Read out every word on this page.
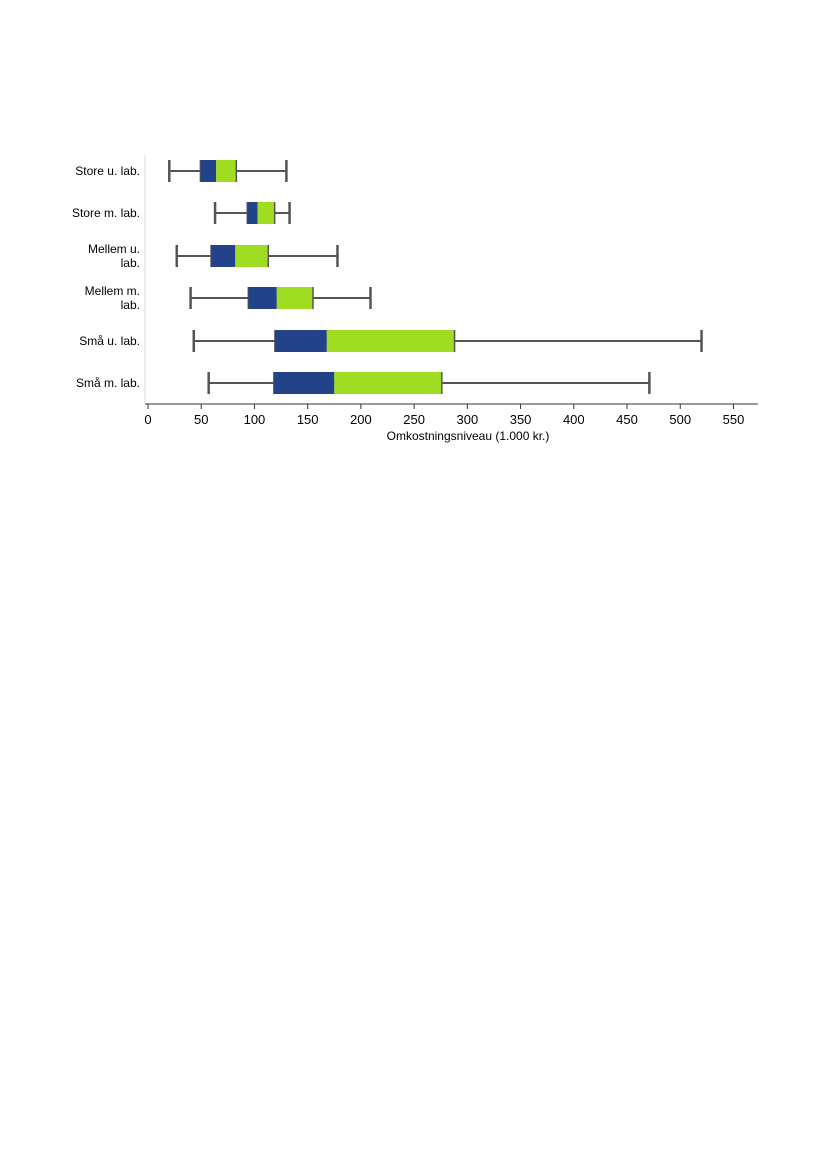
0	50	100 150 200 250 300 350 400 450 500 550
Store u. lab.
Store m. lab.
Mellem u.
lab.
Mellem m.
lab.
Små u. lab.
Små m. lab.
Omkostningsniveau (1.000 kr.)
